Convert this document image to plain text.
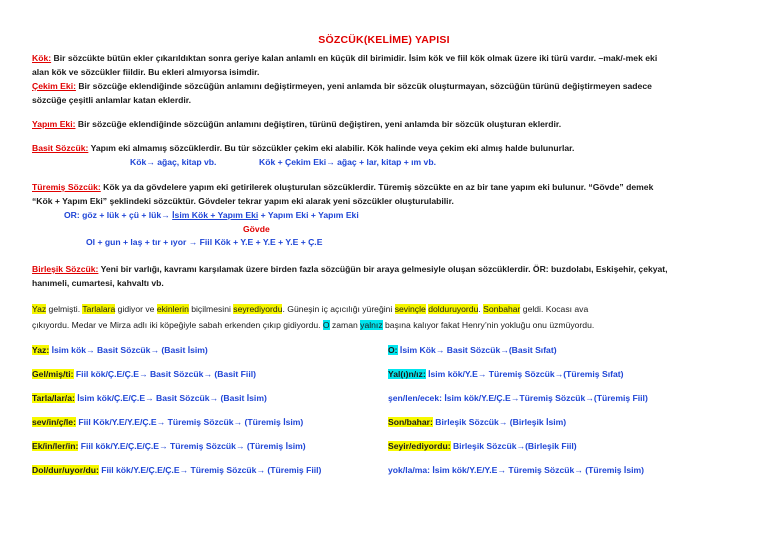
SÖZCÜK(KELİME) YAPISI
Kök: Bir sözcükte bütün ekler çıkarıldıktan sonra geriye kalan anlamlı en küçük dil birimidir. İsim kök ve fiil kök olmak üzere iki türü vardır. –mak/-mek eki
alan kök ve sözcükler fiildir. Bu ekleri almıyorsa isimdir.
Çekim Eki: Bir sözcüğe eklendiğinde sözcüğün anlamını değiştirmeyen, yeni anlamda bir sözcük oluşturmayan, sözcüğün türünü değiştirmeyen sadece
sözcüğe çeşitli anlamlar katan eklerdir.
Yapım Eki: Bir sözcüğe eklendiğinde sözcüğün anlamını değiştiren, türünü değiştiren, yeni anlamda bir sözcük oluşturan eklerdir.
Basit Sözcük: Yapım eki almamış sözcüklerdir. Bu tür sözcükler çekim eki alabilir. Kök halinde veya çekim eki almış halde bulunurlar.
Kök→ ağaç, kitap vb.	Kök + Çekim Eki→ ağaç + lar, kitap + ım vb.
Türemiş Sözcük: Kök ya da gövdelere yapım eki getirilerek oluşturulan sözcüklerdir. Türemiş sözcükte en az bir tane yapım eki bulunur. “Gövde” demek
“Kök + Yapım Eki” şeklindeki sözcüktür. Gövdeler tekrar yapım eki alarak yeni sözcükler oluşturulabilir.
OR: göz + lük + çü + lük→ İsim Kök + Yapım Eki + Yapım Eki + Yapım Eki
Gövde
Ol + gun + laş + tır + ıyor → Fiil Kök + Y.E + Y.E + Y.E + Ç.E
Birleşik Sözcük: Yeni bir varlığı, kavramı karşılamak üzere birden fazla sözcüğün bir araya gelmesiyle oluşan sözcüklerdir. ÖR: buzdolabı, Eskişehir, çekyat,
hanımeli, cumartesi, kahvaltı vb.
Yaz gelmişti. Tarlalara gidiyor ve ekinlerin biçilmesini seyrediyordu. Güneşin iç açıcılığı yüreğini sevinçle dolduruyordu. Sonbahar geldi. Kocası ava
çıkıyordu. Medar ve Mirza adlı iki köpeğiyle sabah erkenden çıkıp gidiyordu. O zaman yalnız başına kalıyor fakat Henry’nin yokluğu onu üzmüyordu.
Yaz: İsim kök→ Basit Sözcük→ (Basit İsim)
Gel/miş/ti: Fiil kök/Ç.E/Ç.E→ Basit Sözcük→ (Basit Fiil)
Tarla/lar/a: İsim kök/Ç.E/Ç.E→ Basit Sözcük→ (Basit İsim)
sev/in/ç/le: Fiil Kök/Y.E/Y.E/Ç.E→ Türemiş Sözcük→ (Türemiş İsim)
Ek/in/ler/in: Fiil kök/Y.E/Ç.E/Ç.E→ Türemiş Sözcük→ (Türemiş İsim)
Dol/dur/uyor/du: Fiil kök/Y.E/Ç.E/Ç.E→ Türemiş Sözcük→ (Türemiş Fiil)
O: İsim Kök→ Basit Sözcük→(Basit Sıfat)
Yal(ı)n/ız: İsim kök/Y.E→ Türemiş Sözcük→(Türemiş Sıfat)
şen/len/ecek: İsim kök/Y.E/Ç.E→Türemiş Sözcük→(Türemiş Fiil)
Son/bahar: Birleşik Sözcük→ (Birleşik İsim)
Seyir/ediyordu: Birleşik Sözcük→(Birleşik Fiil)
yok/la/ma: İsim kök/Y.E/Y.E→ Türemiş Sözcük→ (Türemiş İsim)
